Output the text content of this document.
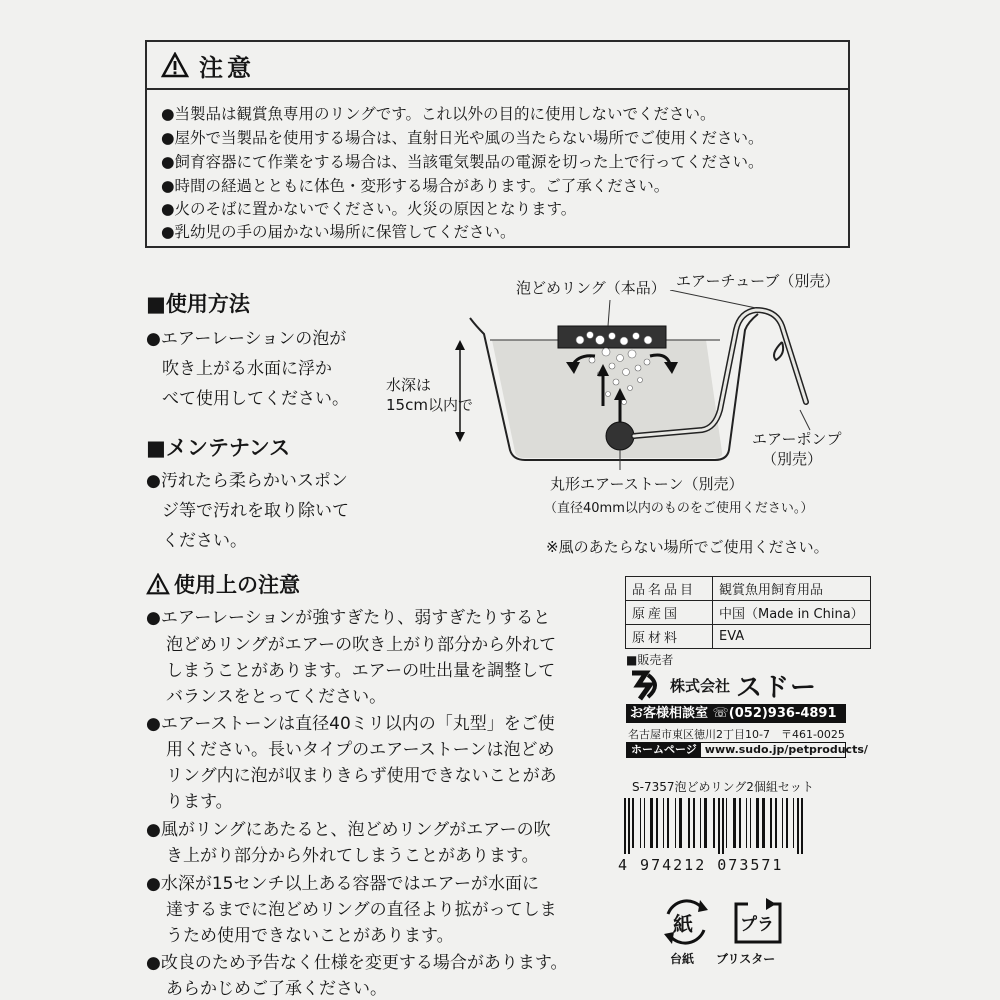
注意
●当製品は観賞魚専用のリングです。これ以外の目的に使用しないでください。
●屋外で当製品を使用する場合は、直射日光や風の当たらない場所でご使用ください。
●飼育容器にて作業をする場合は、当該電気製品の電源を切った上で行ってください。
●時間の経過とともに体色・変形する場合があります。ご了承ください。
●火のそばに置かないでください。火災の原因となります。
●乳幼児の手の届かない場所に保管してください。
■使用方法
●エアーレーションの泡が
吹き上がる水面に浮か
べて使用してください。
■メンテナンス
●汚れたら柔らかいスポン
ジ等で汚れを取り除いて
ください。
使用上の注意
●エアーレーションが強すぎたり、弱すぎたりすると
泡どめリングがエアーの吹き上がり部分から外れて
しまうことがあります。エアーの吐出量を調整して
バランスをとってください。
●エアーストーンは直径40ミリ以内の「丸型」をご使
用ください。長いタイプのエアーストーンは泡どめ
リング内に泡が収まりきらず使用できないことがあ
ります。
●風がリングにあたると、泡どめリングがエアーの吹
き上がり部分から外れてしまうことがあります。
●水深が15センチ以上ある容器ではエアーが水面に
達するまでに泡どめリングの直径より拡がってしま
うため使用できないことがあります。
●改良のため予告なく仕様を変更する場合があります。
あらかじめご了承ください。
泡どめリング（本品） エアーチューブ（別売）
水深は
15cm以内で
エアーポンプ
（別売）
丸形エアーストーン（別売）
（直径40mm以内のものをご使用ください。）
※風のあたらない場所でご使用ください。
品名品目	観賞魚用飼育用品
原産国	中国（Made in China）
原材料	EVA
■販売者
株式会社 スドー
お客様相談室 ☏(052)936-4891
名古屋市東区徳川2丁目10-7　〒461-0025
ホームページ www.sudo.jp/petproducts/
S-7357泡どめリング2個組セット
4 974212 073571
紙
台紙
プラ
ブリスター
